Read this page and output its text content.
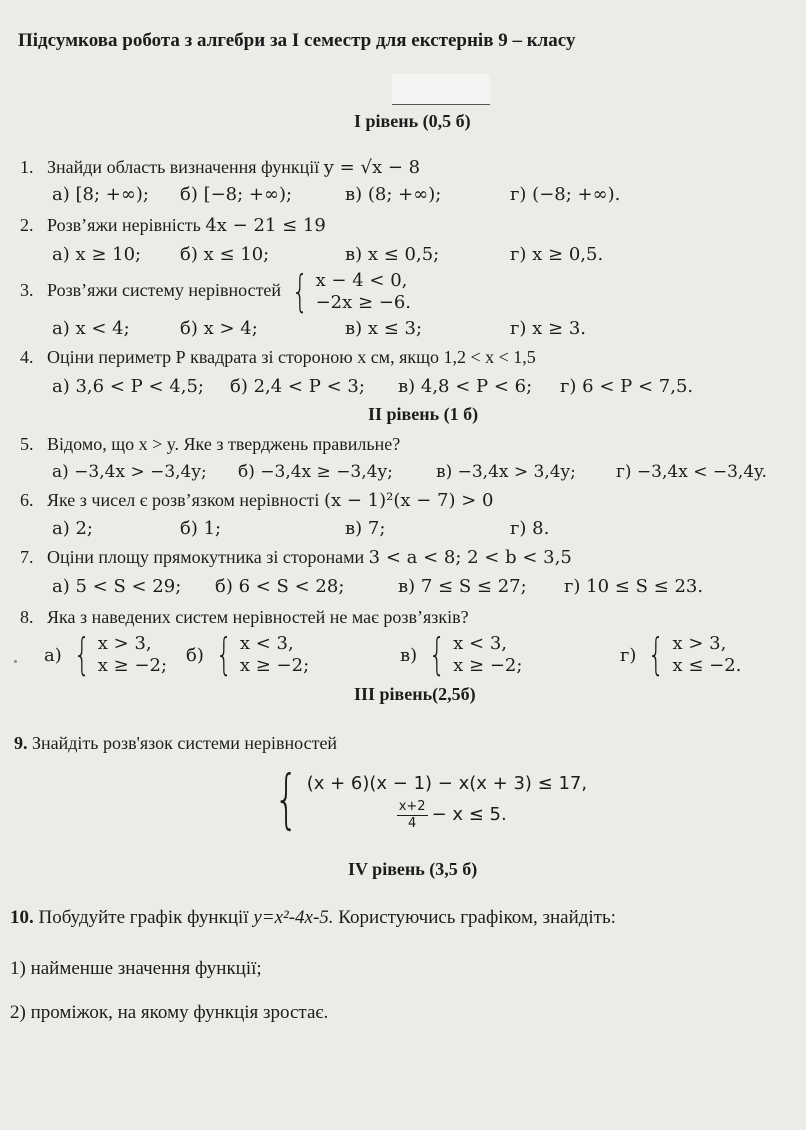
Підсумкова робота з алгебри за І семестр для екстернів 9 – класу
І рівень (0,5 б)
1. Знайди область визначення функції y = √x − 8
а) [8; +∞); б) [−8; +∞);	в) (8; +∞);	г) (−8; +∞).
2. Розв’яжи нерівність 4x − 21 ≤ 19
а) x ≥ 10; б) x ≤ 10;	в) x ≤ 0,5;	г) x ≥ 0,5.
3. Розв’яжи систему нерівностей { x − 4 < 0,
−2x ≥ −6.
а) x < 4;	б) x > 4;	в) x ≤ 3;	г) x ≥ 3.
4. Оціни периметр Р квадрата зі стороною х см, якщо 1,2 < x < 1,5
а) 3,6 < P < 4,5; б) 2,4 < P < 3; в) 4,8 < P < 6; г) 6 < P < 7,5.
ІІ рівень (1 б)
5. Відомо, що x > y. Яке з тверджень правильне?
а) −3,4x > −3,4y; б) −3,4x ≥ −3,4y;	в) −3,4x > 3,4y; г) −3,4x < −3,4y.
6. Яке з чисел є розв’язком нерівності (x − 1)²(x − 7) > 0
а) 2;	б) 1;	в) 7;	г) 8.
7. Оціни площу прямокутника зі сторонами 3 < a < 8; 2 < b < 3,5
а) 5 < S < 29; б) 6 < S < 28;	в) 7 ≤ S ≤ 27; г) 10 ≤ S ≤ 23.
8. Яка з наведених систем нерівностей не має розв’язків?
а) { x > 3,
x ≥ −2; б) { x < 3,
x ≥ −2;	в) { x < 3,
x ≥ −2;	г) { x > 3,
x ≤ −2.
ІІІ рівень(2,5б)
9. Знайдіть розв'язок системи нерівностей
{ (x + 6)(x − 1) − x(x + 3) ≤ 17,
$\frac{x+2}{4} - x \le 5$.
ІV рівень (3,5 б)
10. Побудуйте графік функції y=x²-4x-5. Користуючись графіком, знайдіть:
1) найменше значення функції;
2) проміжок, на якому функція зростає.
